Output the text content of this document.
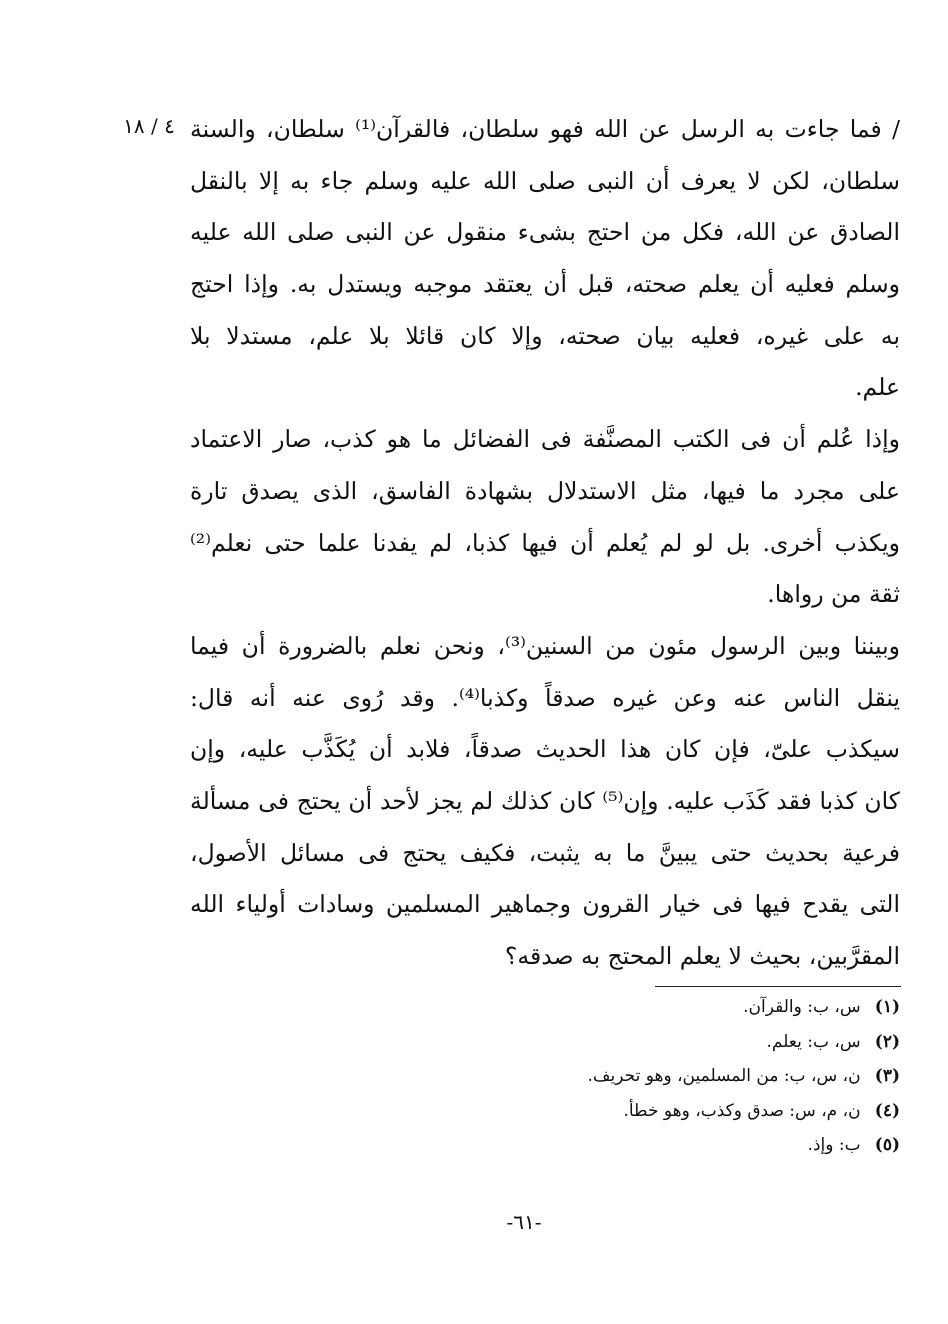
٤ / ١٨ / فما جاءت به الرسل عن الله فهو سلطان، فالقرآن⁽¹⁾ سلطان، والسنة
سلطان، لكن لا يعرف أن النبى صلى الله عليه وسلم جاء به إلا بالنقل
الصادق عن الله، فكل من احتج بشىء منقول عن النبى صلى الله عليه
وسلم فعليه أن يعلم صحته، قبل أن يعتقد موجبه ويستدل به. وإذا احتج
به على غيره، فعليه بيان صحته، وإلا كان قائلا بلا علم، مستدلا بلا
علم.
وإذا عُلم أن فى الكتب المصنَّفة فى الفضائل ما هو كذب، صار الاعتماد
على مجرد ما فيها، مثل الاستدلال بشهادة الفاسق، الذى يصدق تارة
ويكذب أخرى. بل لو لم يُعلم أن فيها كذبا، لم يفدنا علما حتى نعلم⁽²⁾
ثقة من رواها.
وبيننا وبين الرسول مئون من السنين⁽³⁾، ونحن نعلم بالضرورة أن فيما
ينقل الناس عنه وعن غيره صدقاً وكذبا⁽⁴⁾. وقد رُوى عنه أنه قال:
سيكذب علىّ، فإن كان هذا الحديث صدقاً، فلابد أن يُكَذَّب عليه، وإن
كان كذبا فقد كَذَب عليه. وإن⁽⁵⁾ كان كذلك لم يجز لأحد أن يحتج فى مسألة
فرعية بحديث حتى يبينَّ ما به يثبت، فكيف يحتج فى مسائل الأصول،
التى يقدح فيها فى خيار القرون وجماهير المسلمين وسادات أولياء الله
المقرَّبين، بحيث لا يعلم المحتج به صدقه؟
(١) س، ب: والقرآن.
(٢) س، ب: يعلم.
(٣) ن، س، ب: من المسلمين، وهو تحريف.
(٤) ن، م، س: صدق وكذب، وهو خطأ.
(٥) ب: وإذ.
-٦١-
